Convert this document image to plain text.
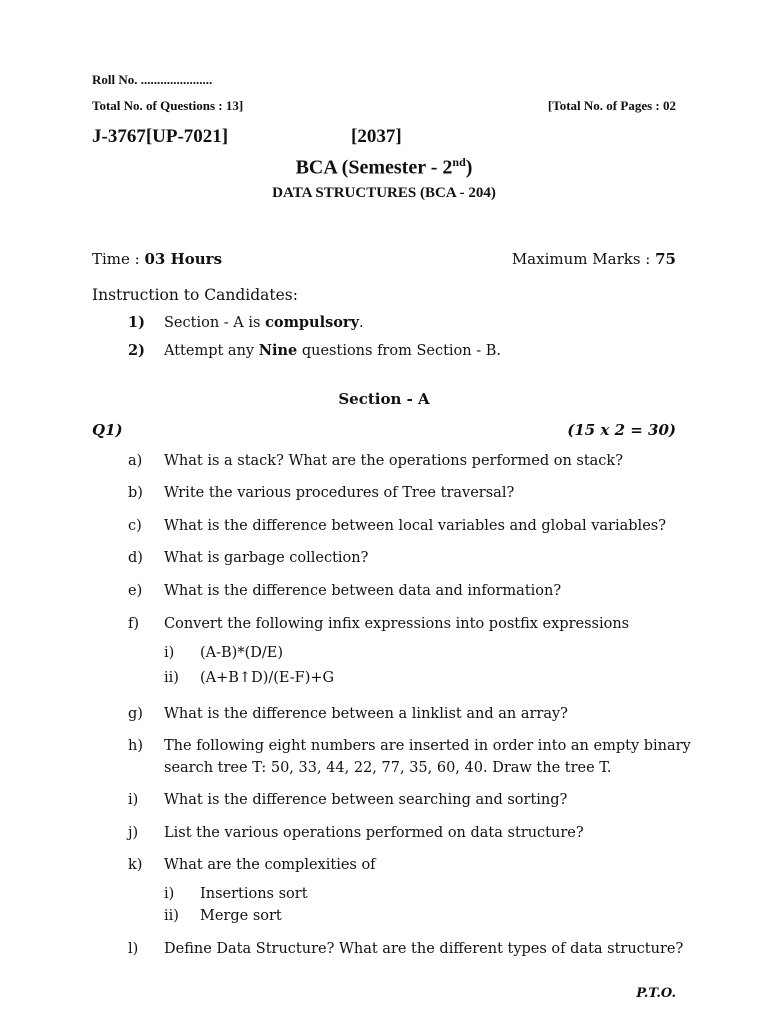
Roll No. ......................
Total No. of Questions : 13]	[Total No. of Pages : 02
J-3767[UP-7021]	[2037]
BCA (Semester - 2nd)
DATA STRUCTURES (BCA - 204)
Time : 03 Hours	Maximum Marks : 75
Instruction to Candidates:
1) Section - A is compulsory.
2) Attempt any Nine questions from Section - B.
Section - A
Q1)	(15 x 2 = 30)
a) What is a stack? What are the operations performed on stack?
b) Write the various procedures of Tree traversal?
c) What is the difference between local variables and global variables?
d) What is garbage collection?
e) What is the difference between data and information?
f) Convert the following infix expressions into postfix expressions
i) (A-B)*(D/E)
ii) (A+B↑D)/(E-F)+G
g) What is the difference between a linklist and an array?
h) The following eight numbers are inserted in order into an empty binary
search tree T: 50, 33, 44, 22, 77, 35, 60, 40. Draw the tree T.
i) What is the difference between searching and sorting?
j) List the various operations performed on data structure?
k) What are the complexities of
i) Insertions sort
ii) Merge sort
l) Define Data Structure? What are the different types of data structure?
P.T.O.
